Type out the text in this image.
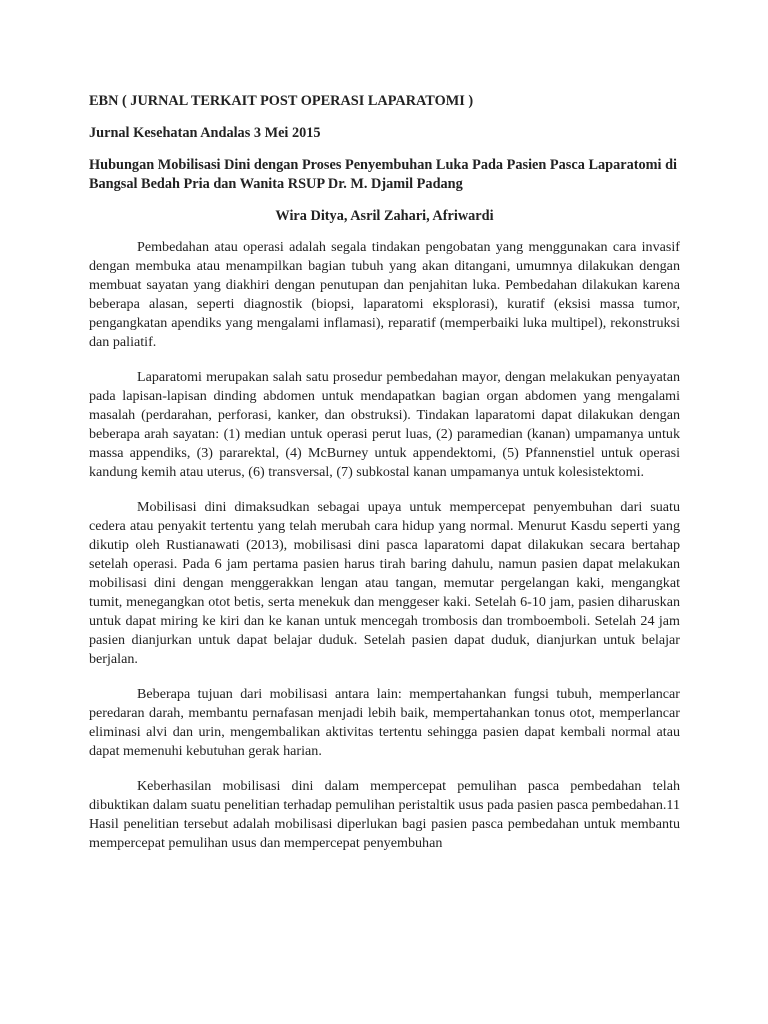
EBN ( JURNAL TERKAIT POST OPERASI LAPARATOMI )

Jurnal Kesehatan Andalas 3 Mei 2015

Hubungan Mobilisasi Dini dengan Proses Penyembuhan Luka Pada Pasien Pasca Laparatomi di Bangsal Bedah Pria dan Wanita RSUP Dr. M. Djamil Padang

Wira Ditya, Asril Zahari, Afriwardi

Pembedahan atau operasi adalah segala tindakan pengobatan yang menggunakan cara invasif dengan membuka atau menampilkan bagian tubuh yang akan ditangani, umumnya dilakukan dengan membuat sayatan yang diakhiri dengan penutupan dan penjahitan luka. Pembedahan dilakukan karena beberapa alasan, seperti diagnostik (biopsi, laparatomi eksplorasi), kuratif (eksisi massa tumor, pengangkatan apendiks yang mengalami inflamasi), reparatif (memperbaiki luka multipel), rekonstruksi dan paliatif.

Laparatomi merupakan salah satu prosedur pembedahan mayor, dengan melakukan penyayatan pada lapisan-lapisan dinding abdomen untuk mendapatkan bagian organ abdomen yang mengalami masalah (perdarahan, perforasi, kanker, dan obstruksi). Tindakan laparatomi dapat dilakukan dengan beberapa arah sayatan: (1) median untuk operasi perut luas, (2) paramedian (kanan) umpamanya untuk massa appendiks, (3) pararektal, (4) McBurney untuk appendektomi, (5) Pfannenstiel untuk operasi kandung kemih atau uterus, (6) transversal, (7) subkostal kanan umpamanya untuk kolesistektomi.

Mobilisasi dini dimaksudkan sebagai upaya untuk mempercepat penyembuhan dari suatu cedera atau penyakit tertentu yang telah merubah cara hidup yang normal. Menurut Kasdu seperti yang dikutip oleh Rustianawati (2013), mobilisasi dini pasca laparatomi dapat dilakukan secara bertahap setelah operasi. Pada 6 jam pertama pasien harus tirah baring dahulu, namun pasien dapat melakukan mobilisasi dini dengan menggerakkan lengan atau tangan, memutar pergelangan kaki, mengangkat tumit, menegangkan otot betis, serta menekuk dan menggeser kaki. Setelah 6-10 jam, pasien diharuskan untuk dapat miring ke kiri dan ke kanan untuk mencegah trombosis dan tromboemboli. Setelah 24 jam pasien dianjurkan untuk dapat belajar duduk. Setelah pasien dapat duduk, dianjurkan untuk belajar berjalan.

Beberapa tujuan dari mobilisasi antara lain: mempertahankan fungsi tubuh, memperlancar peredaran darah, membantu pernafasan menjadi lebih baik, mempertahankan tonus otot, memperlancar eliminasi alvi dan urin, mengembalikan aktivitas tertentu sehingga pasien dapat kembali normal atau dapat memenuhi kebutuhan gerak harian.

Keberhasilan mobilisasi dini dalam mempercepat pemulihan pasca pembedahan telah dibuktikan dalam suatu penelitian terhadap pemulihan peristaltik usus pada pasien pasca pembedahan.11 Hasil penelitian tersebut adalah mobilisasi diperlukan bagi pasien pasca pembedahan untuk membantu mempercepat pemulihan usus dan mempercepat penyembuhan
